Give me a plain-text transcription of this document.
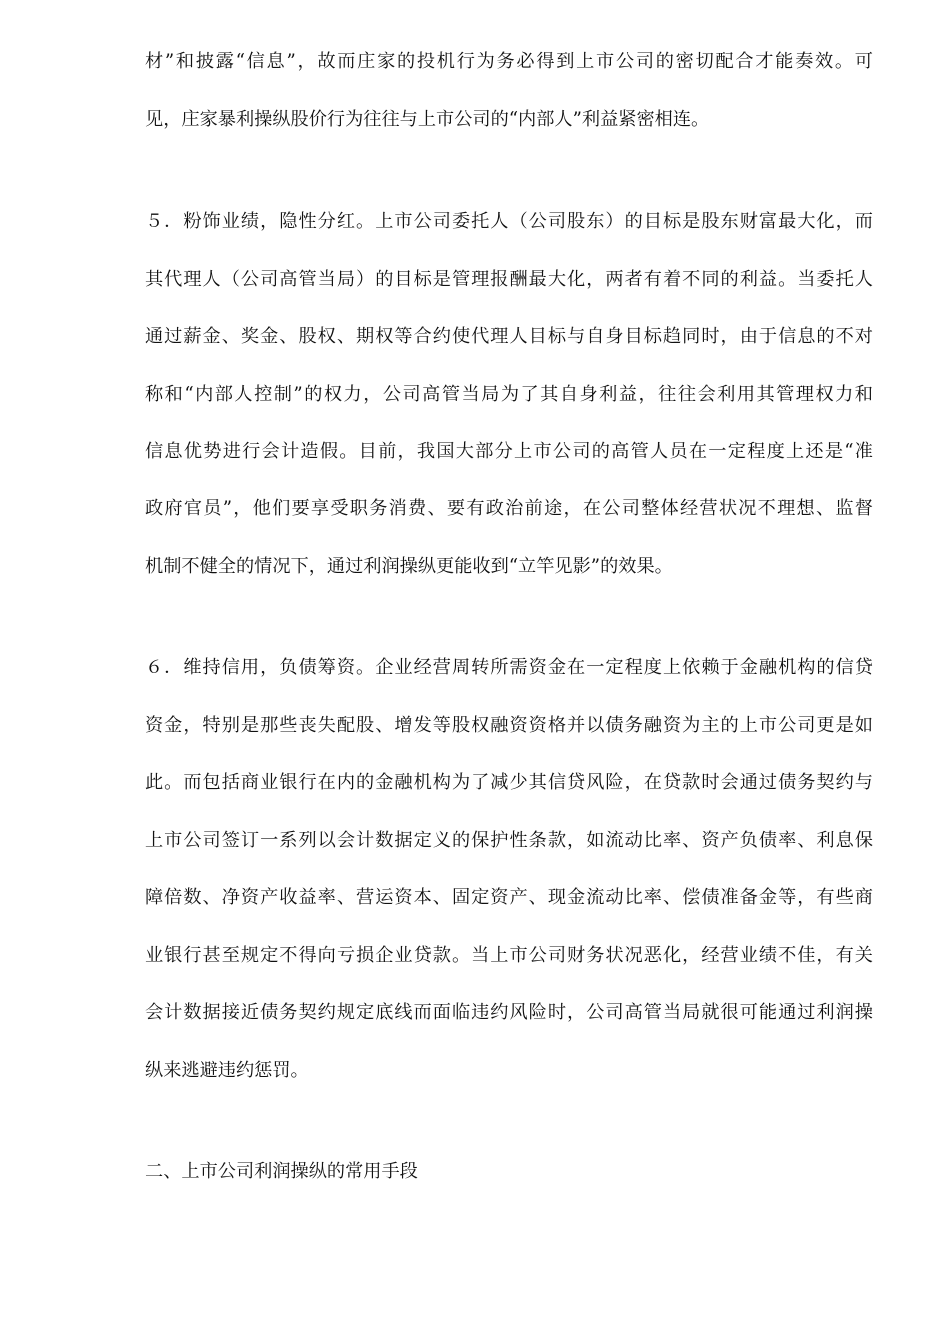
材”和披露“信息”，故而庄家的投机行为务必得到上市公司的密切配合才能奏效。可
见，庄家暴利操纵股价行为往往与上市公司的“内部人”利益紧密相连。
５．粉饰业绩，隐性分红。上市公司委托人（公司股东）的目标是股东财富最大化，而
其代理人（公司高管当局）的目标是管理报酬最大化，两者有着不同的利益。当委托人
通过薪金、奖金、股权、期权等合约使代理人目标与自身目标趋同时，由于信息的不对
称和“内部人控制”的权力，公司高管当局为了其自身利益，往往会利用其管理权力和
信息优势进行会计造假。目前，我国大部分上市公司的高管人员在一定程度上还是“准
政府官员”，他们要享受职务消费、要有政治前途，在公司整体经营状况不理想、监督
机制不健全的情况下，通过利润操纵更能收到“立竿见影”的效果。
６．维持信用，负债筹资。企业经营周转所需资金在一定程度上依赖于金融机构的信贷
资金，特别是那些丧失配股、增发等股权融资资格并以债务融资为主的上市公司更是如
此。而包括商业银行在内的金融机构为了减少其信贷风险，在贷款时会通过债务契约与
上市公司签订一系列以会计数据定义的保护性条款，如流动比率、资产负债率、利息保
障倍数、净资产收益率、营运资本、固定资产、现金流动比率、偿债准备金等，有些商
业银行甚至规定不得向亏损企业贷款。当上市公司财务状况恶化，经营业绩不佳，有关
会计数据接近债务契约规定底线而面临违约风险时，公司高管当局就很可能通过利润操
纵来逃避违约惩罚。
二、上市公司利润操纵的常用手段
